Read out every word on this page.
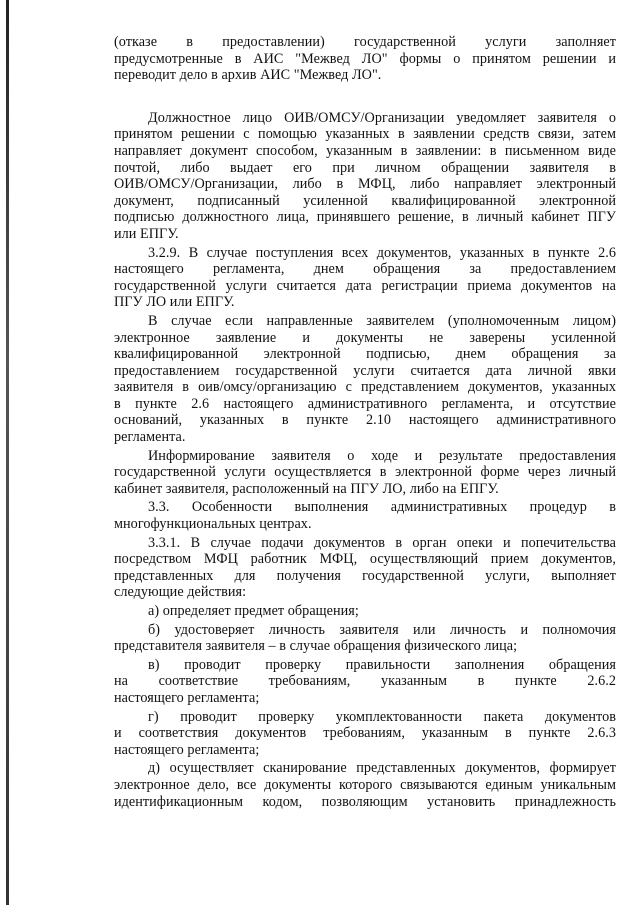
(отказе в предоставлении) государственной услуги заполняет
предусмотренные в АИС "Межвед ЛО" формы о принятом решении и
переводит дело в архив АИС "Межвед ЛО".
Должностное лицо ОИВ/ОМСУ/Организации уведомляет заявителя о
принятом решении с помощью указанных в заявлении средств связи, затем
направляет документ способом, указанным в заявлении: в письменном виде
почтой, либо выдает его при личном обращении заявителя в
ОИВ/ОМСУ/Организации, либо в МФЦ, либо направляет электронный
документ, подписанный усиленной квалифицированной электронной
подписью должностного лица, принявшего решение, в личный кабинет ПГУ
или ЕПГУ.
3.2.9. В случае поступления всех документов, указанных в пункте 2.6
настоящего регламента, днем обращения за предоставлением
государственной услуги считается дата регистрации приема документов на
ПГУ ЛО или ЕПГУ.
В случае если направленные заявителем (уполномоченным лицом)
электронное заявление и документы не заверены усиленной
квалифицированной электронной подписью, днем обращения за
предоставлением государственной услуги считается дата личной явки
заявителя в оив/омсу/организацию с представлением документов, указанных
в пункте 2.6 настоящего административного регламента, и отсутствие
оснований, указанных в пункте 2.10 настоящего административного
регламента.
Информирование заявителя о ходе и результате предоставления
государственной услуги осуществляется в электронной форме через личный
кабинет заявителя, расположенный на ПГУ ЛО, либо на ЕПГУ.
3.3. Особенности выполнения административных процедур в
многофункциональных центрах.
3.3.1. В случае подачи документов в орган опеки и попечительства
посредством МФЦ работник МФЦ, осуществляющий прием документов,
представленных для получения государственной услуги, выполняет
следующие действия:
а) определяет предмет обращения;
б) удостоверяет личность заявителя или личность и полномочия
представителя заявителя – в случае обращения физического лица;
в) проводит проверку правильности заполнения обращения
на соответствие требованиям, указанным в пункте 2.6.2
настоящего регламента;
г) проводит проверку укомплектованности пакета документов
и соответствия документов требованиям, указанным в пункте 2.6.3
настоящего регламента;
д) осуществляет сканирование представленных документов, формирует
электронное дело, все документы которого связываются единым уникальным
идентификационным кодом, позволяющим установить принадлежность
